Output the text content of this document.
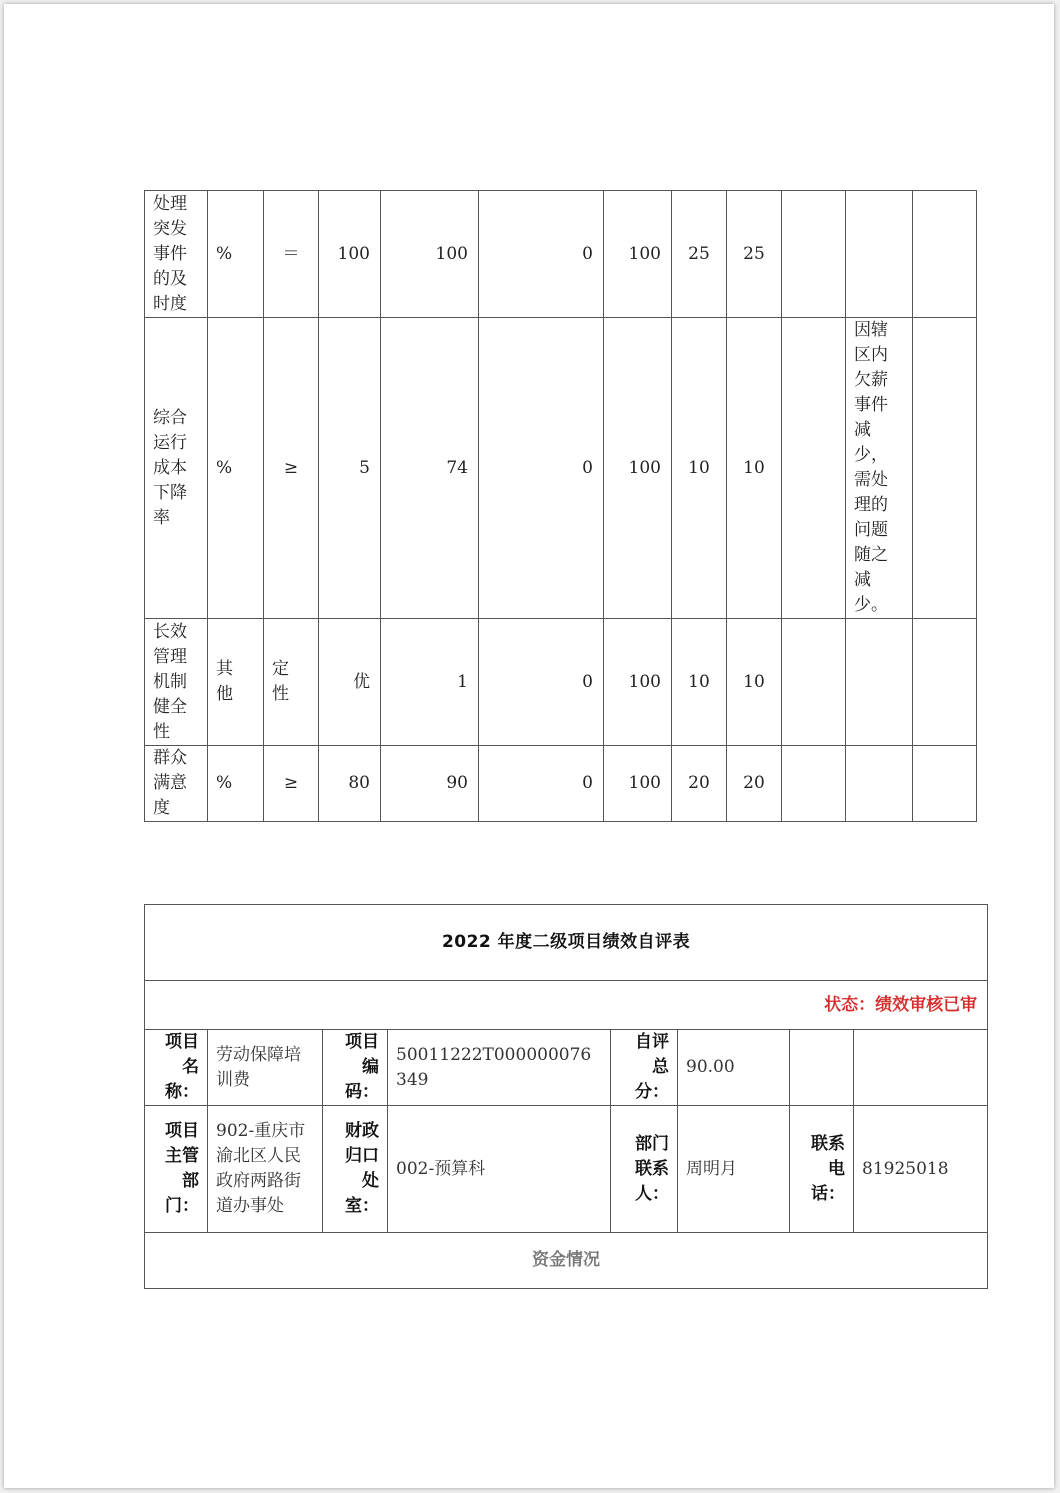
处理突发事件的及时度	%	＝	100	100	0	100	25	25			
综合运行成本下降率	%	≥	5	74	0	100	10	10		因辖区内欠薪事件减少，需处理的问题随之减少。	
长效管理机制健全性	其他	定性	优	1	0	100	10	10			
群众满意度	%	≥	80	90	0	100	20	20			
2022 年度二级项目绩效自评表							
状态：绩效审核已审							
项目名称：	劳动保障培训费	项目编码：	50011222T000000076349	自评总分：	90.00		
项目主管部门：	902-重庆市渝北区人民政府两路街道办事处	财政归口处室：	002-预算科	部门联系人：	周明月	联系电话：	81925018
资金情况							
